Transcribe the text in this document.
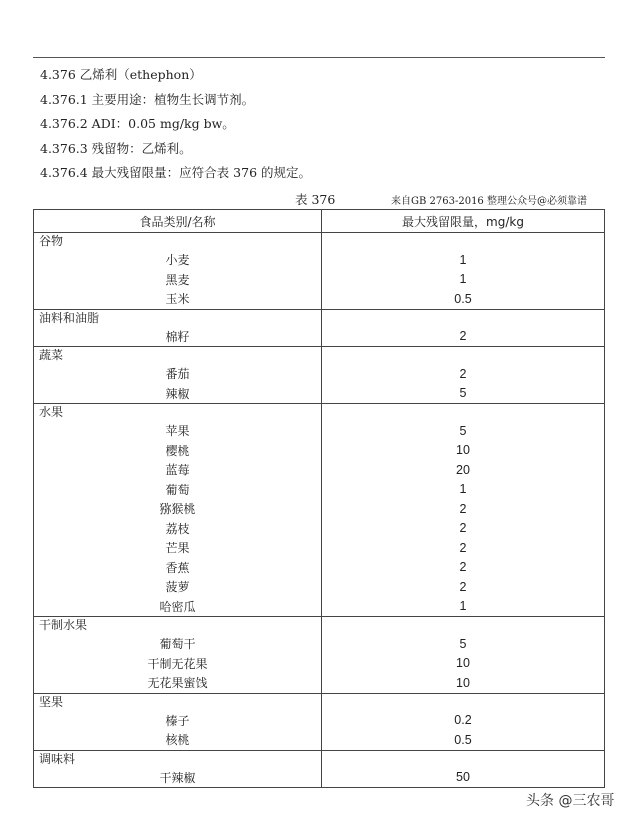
4.376 乙烯利（ethephon）
4.376.1 主要用途：植物生长调节剂。
4.376.2 ADI：0.05 mg/kg bw。
4.376.3 残留物：乙烯利。
4.376.4 最大残留限量：应符合表 376 的规定。
表 376	来自GB 2763-2016 整理公众号@必须靠谱
食品类别/名称	最大残留限量，mg/kg
谷物
小麦	1
黑麦	1
玉米	0.5
油料和油脂
棉籽	2
蔬菜
番茄	2
辣椒	5
水果
苹果	5
樱桃	10
蓝莓	20
葡萄	1
猕猴桃	2
荔枝	2
芒果	2
香蕉	2
菠萝	2
哈密瓜	1
干制水果
葡萄干	5
干制无花果	10
无花果蜜饯	10
坚果
榛子	0.2
核桃	0.5
调味料
干辣椒	50
头条 @三农哥
